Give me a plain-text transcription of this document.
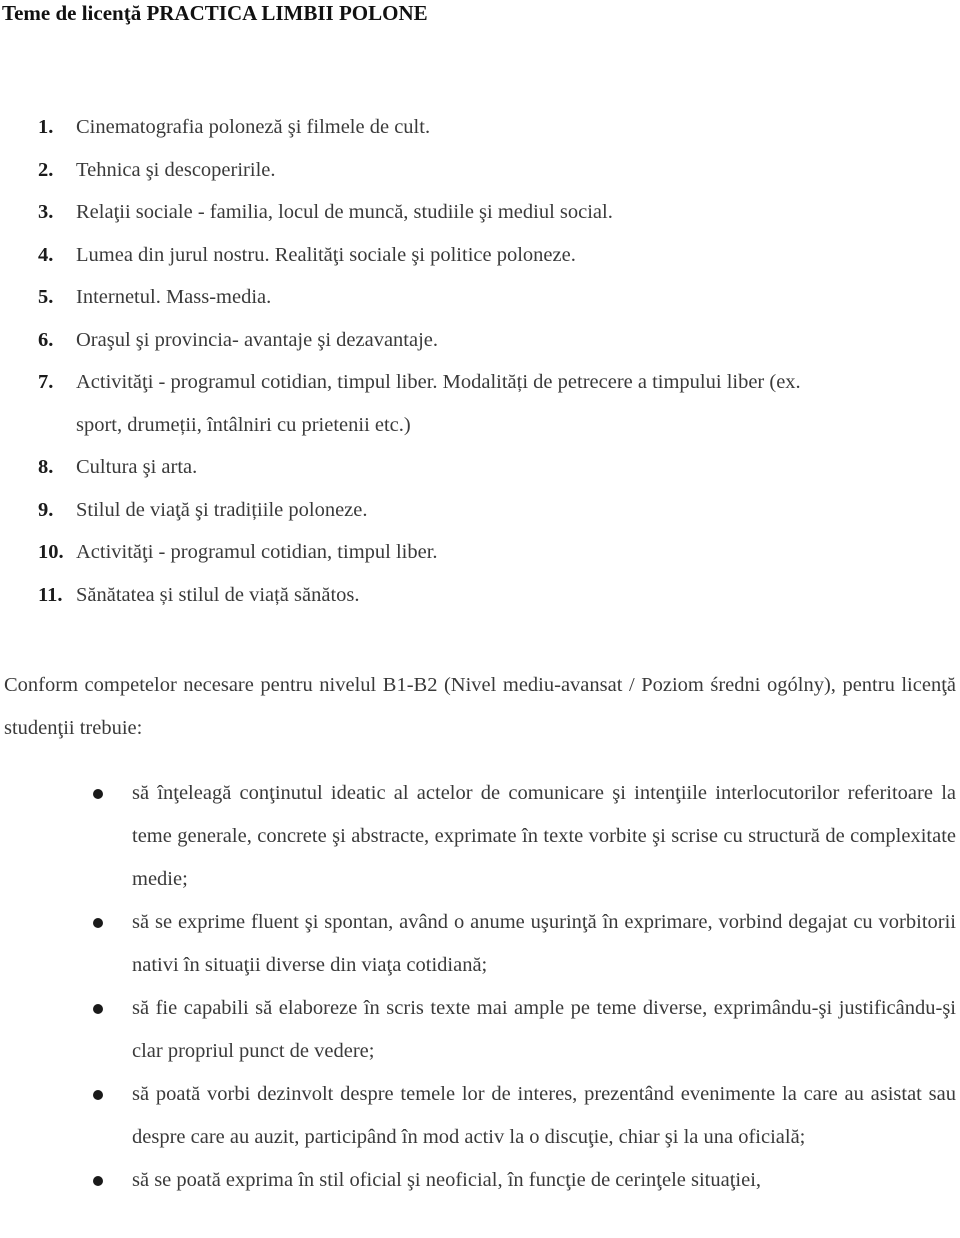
Teme de licenţă PRACTICA LIMBII POLONE
1. Cinematografia poloneză şi filmele de cult.
2. Tehnica şi descoperirile.
3. Relaţii sociale - familia, locul de muncă, studiile şi mediul social.
4. Lumea din jurul nostru. Realităţi sociale şi politice poloneze.
5. Internetul. Mass-media.
6. Oraşul şi provincia- avantaje şi dezavantaje.
7. Activităţi - programul cotidian, timpul liber. Modalități de petrecere a timpului liber (ex.
sport, drumeții, întâlniri cu prietenii etc.)
8. Cultura şi arta.
9. Stilul de viaţă şi tradițiile poloneze.
10. Activităţi - programul cotidian, timpul liber.
11. Sănătatea și stilul de viață sănătos.
Conform competelor necesare pentru nivelul B1-B2 (Nivel mediu-avansat / Poziom średni ogólny), pentru licenţă studenţii trebuie:
să înţeleagă conţinutul ideatic al actelor de comunicare şi intenţiile interlocutorilor referitoare la teme generale, concrete şi abstracte, exprimate în texte vorbite şi scrise cu structură de complexitate medie;
să se exprime fluent şi spontan, având o anume uşurinţă în exprimare, vorbind degajat cu vorbitorii nativi în situaţii diverse din viaţa cotidiană;
să fie capabili să elaboreze în scris texte mai ample pe teme diverse, exprimându-şi justificându-şi clar propriul punct de vedere;
să poată vorbi dezinvolt despre temele lor de interes, prezentând evenimente la care au asistat sau despre care au auzit, participând în mod activ la o discuţie, chiar şi la una oficială;
să se poată exprima în stil oficial şi neoficial, în funcţie de cerinţele situaţiei,
